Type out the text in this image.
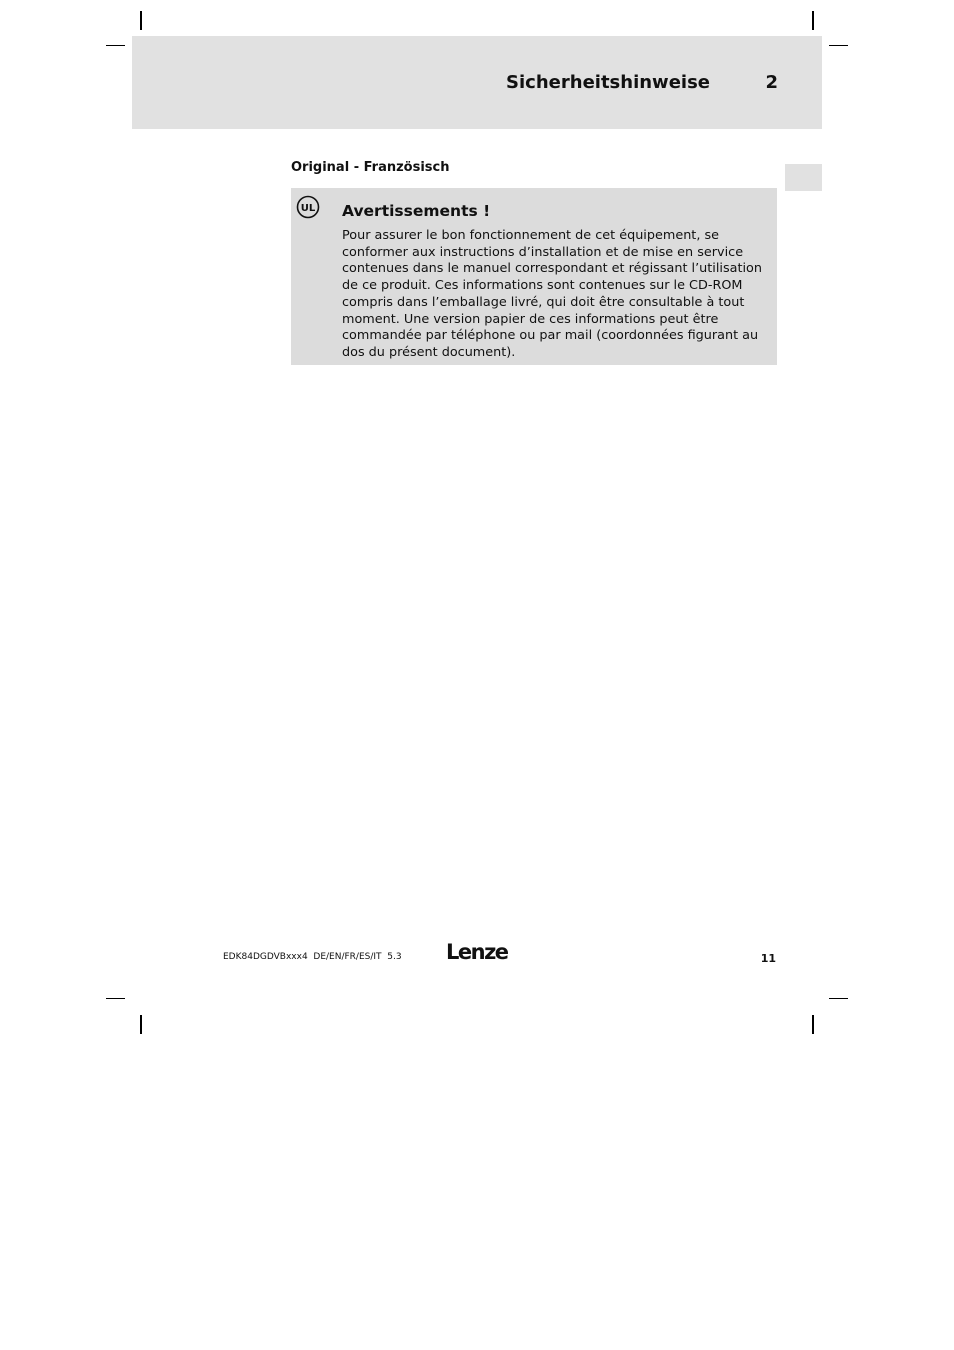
Sicherheitshinweise	2
Original - Französisch
UL Avertissements !

Pour assurer le bon fonctionnement de cet équipement, se conformer aux instructions d’installation et de mise en service contenues dans le manuel correspondant et régissant l’utilisation de ce produit. Ces informations sont contenues sur le CD-ROM compris dans l’emballage livré, qui doit être consultable à tout moment. Une version papier de ces informations peut être commandée par téléphone ou par mail (coordonnées figurant au dos du présent document).

EDK84DGDVBxxx4  DE/EN/FR/ES/IT  5.3 Lenze	11
